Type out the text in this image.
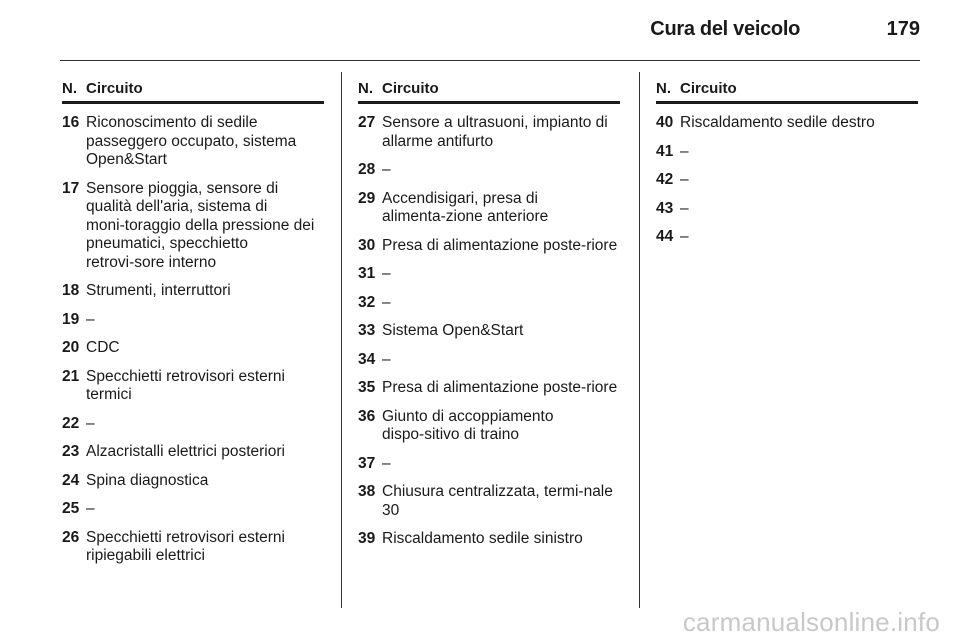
Cura del veicolo	179
N. Circuito
16 Riconoscimento di sedile passeggero occupato, sistema Open&Start
17 Sensore pioggia, sensore di qualità dell'aria, sistema di moni‑toraggio della pressione dei pneumatici, specchietto retrovi‑sore interno
18 Strumenti, interruttori
19 –
20 CDC
21 Specchietti retrovisori esterni termici
22 –
23 Alzacristalli elettrici posteriori
24 Spina diagnostica
25 –
26 Specchietti retrovisori esterni ripiegabili elettrici
N. Circuito
27 Sensore a ultrasuoni, impianto di allarme antifurto
28 –
29 Accendisigari, presa di alimenta‑zione anteriore
30 Presa di alimentazione poste‑riore
31 –
32 –
33 Sistema Open&Start
34 –
35 Presa di alimentazione poste‑riore
36 Giunto di accoppiamento dispo‑sitivo di traino
37 –
38 Chiusura centralizzata, termi‑nale 30
39 Riscaldamento sedile sinistro
N. Circuito
40 Riscaldamento sedile destro
41 –
42 –
43 –
44 –
carmanualsonline.info
